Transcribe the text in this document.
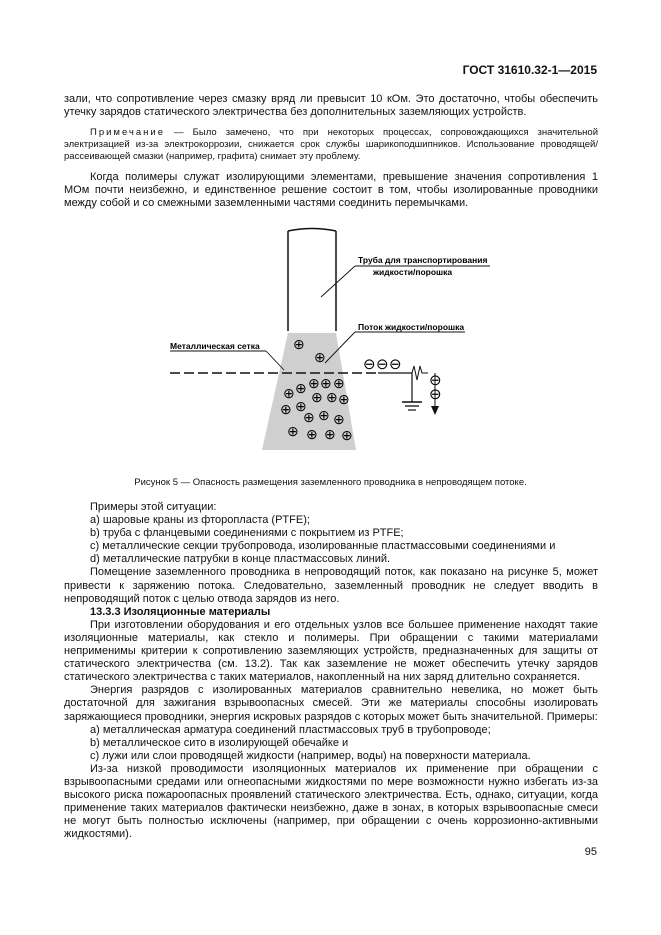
ГОСТ 31610.32-1—2015

зали, что сопротивление через смазку вряд ли превысит 10 кОм. Это достаточно, чтобы обеспечить утечку зарядов статического электричества без дополнительных заземляющих устройств.

Примечание — Было замечено, что при некоторых процессах, сопровождающихся значительной электризацией из-за электрокоррозии, снижается срок службы шарикоподшипников. Использование проводящей/рассеивающей смазки (например, графита) снимает эту проблему.

Когда полимеры служат изолирующими элементами, превышение значения сопротивления 1 МОм почти неизбежно, и единственное решение состоит в том, чтобы изолированные проводники между собой и со смежными заземленными частями соединить перемычками.

Труба для транспортирования
жидкости/порошка
Поток жидкости/порошка
Металлическая сетка
⊖ ⊖ ⊖
⊖
⊖
⊕
⊕
⊕ ⊕ ⊕ ⊕ ⊕
⊕ ⊕
⊕ ⊕ ⊕
⊕ ⊕ ⊕
⊕ ⊕ ⊕ ⊕
Рисунок 5 — Опасность размещения заземленного проводника в непроводящем потоке.

Примеры этой ситуации:

a) шаровые краны из фторопласта (PTFE);

b) труба с фланцевыми соединениями с покрытием из PTFE;

c) металлические секции трубопровода, изолированные пластмассовыми соединениями и

d) металлические патрубки в конце пластмассовых линий.

Помещение заземленного проводника в непроводящий поток, как показано на рисунке 5, может привести к заряжению потока. Следовательно, заземленный проводник не следует вводить в непроводящий поток с целью отвода зарядов из него.

13.3.3 Изоляционные материалы

При изготовлении оборудования и его отдельных узлов все большее применение находят такие изоляционные материалы, как стекло и полимеры. При обращении с такими материалами неприменимы критерии к сопротивлению заземляющих устройств, предназначенных для защиты от статического электричества (см. 13.2). Так как заземление не может обеспечить утечку зарядов статического электричества с таких материалов, накопленный на них заряд длительно сохраняется.

Энергия разрядов с изолированных материалов сравнительно невелика, но может быть достаточной для зажигания взрывоопасных смесей. Эти же материалы способны изолировать заряжающиеся проводники, энергия искровых разрядов с которых может быть значительной. Примеры:

a) металлическая арматура соединений пластмассовых труб в трубопроводе;

b) металлическое сито в изолирующей обечайке и

c) лужи или слои проводящей жидкости (например, воды) на поверхности материала.

Из-за низкой проводимости изоляционных материалов их применение при обращении с взрывоопасными средами или огнеопасными жидкостями по мере возможности нужно избегать из-за высокого риска пожароопасных проявлений статического электричества. Есть, однако, ситуации, когда применение таких материалов фактически неизбежно, даже в зонах, в которых взрывоопасные смеси не могут быть полностью исключены (например, при обращении с очень коррозионно-активными жидкостями).

95
